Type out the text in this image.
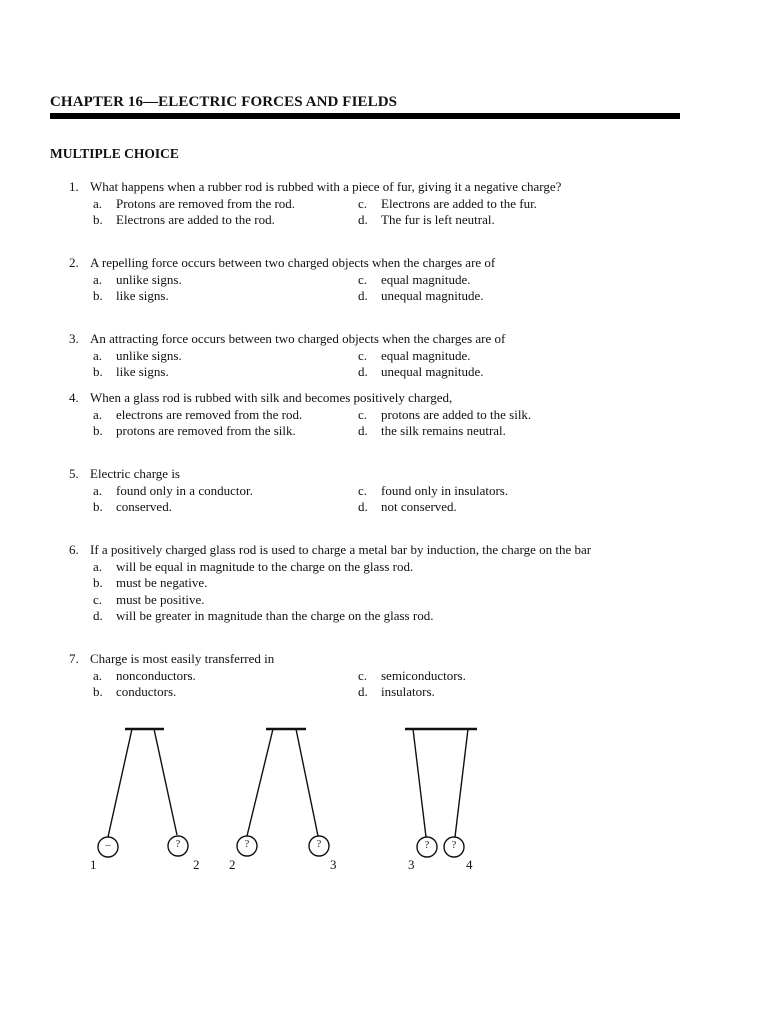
CHAPTER 16—ELECTRIC FORCES AND FIELDS
MULTIPLE CHOICE
1. What happens when a rubber rod is rubbed with a piece of fur, giving it a negative charge?
a. Protons are removed from the rod.	c. Electrons are added to the fur.
b. Electrons are added to the rod.	d. The fur is left neutral.
2. A repelling force occurs between two charged objects when the charges are of
a. unlike signs.	c. equal magnitude.
b. like signs.	d. unequal magnitude.
3. An attracting force occurs between two charged objects when the charges are of
a. unlike signs.	c. equal magnitude.
b. like signs.	d. unequal magnitude.
4. When a glass rod is rubbed with silk and becomes positively charged,
a. electrons are removed from the rod.	c. protons are added to the silk.
b. protons are removed from the silk.	d. the silk remains neutral.
5. Electric charge is
a. found only in a conductor.	c. found only in insulators.
b. conserved.	d. not conserved.
6. If a positively charged glass rod is used to charge a metal bar by induction, the charge on the bar
a. will be equal in magnitude to the charge on the glass rod.
b. must be negative.
c. must be positive.
d. will be greater in magnitude than the charge on the glass rod.
7. Charge is most easily transferred in
a. nonconductors.	c. semiconductors.
b. conductors.	d. insulators.
–	?	?	?	?	?
1	2 2	3	3	4
